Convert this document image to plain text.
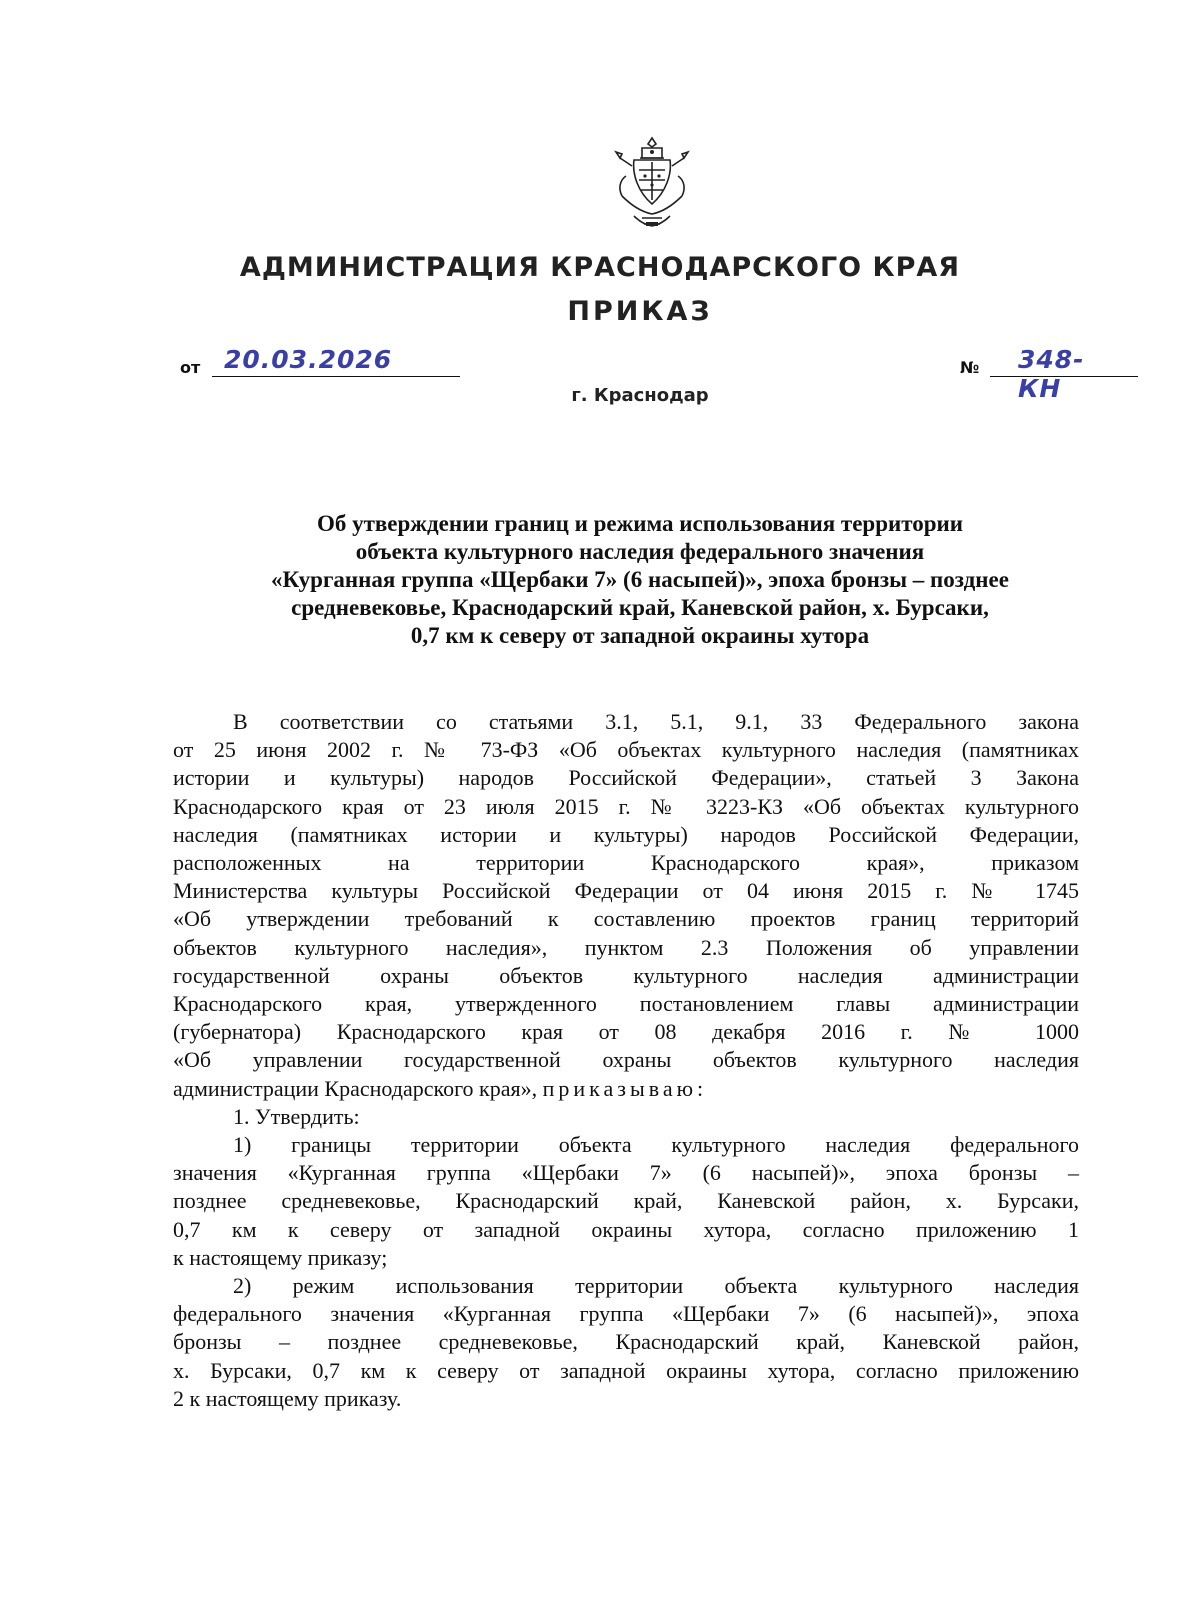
АДМИНИСТРАЦИЯ КРАСНОДАРСКОГО КРАЯ
ПРИКАЗ
от 20.03.2026	№ 348-КН
г. Краснодар
Об утверждении границ и режима использования территории
объекта культурного наследия федерального значения
«Курганная группа «Щербаки 7» (6 насыпей)», эпоха бронзы – позднее
средневековье, Краснодарский край, Каневской район, х. Бурсаки,
0,7 км к северу от западной окраины хутора
В соответствии со статьями 3.1, 5.1, 9.1, 33 Федерального закона
от 25 июня 2002 г. № 73-ФЗ «Об объектах культурного наследия (памятниках
истории и культуры) народов Российской Федерации», статьей 3 Закона
Краснодарского края от 23 июля 2015 г. № 3223-КЗ «Об объектах культурного
наследия (памятниках истории и культуры) народов Российской Федерации,
расположенных на территории Краснодарского края», приказом
Министерства культуры Российской Федерации от 04 июня 2015 г. № 1745
«Об утверждении требований к составлению проектов границ территорий
объектов культурного наследия», пунктом 2.3 Положения об управлении
государственной охраны объектов культурного наследия администрации
Краснодарского края, утвержденного постановлением главы администрации
(губернатора) Краснодарского края от 08 декабря 2016 г. № 1000
«Об управлении государственной охраны объектов культурного наследия
администрации Краснодарского края», приказываю:
1. Утвердить:
1) границы территории объекта культурного наследия федерального
значения «Курганная группа «Щербаки 7» (6 насыпей)», эпоха бронзы –
позднее средневековье, Краснодарский край, Каневской район, х. Бурсаки,
0,7 км к северу от западной окраины хутора, согласно приложению 1
к настоящему приказу;
2) режим использования территории объекта культурного наследия
федерального значения «Курганная группа «Щербаки 7» (6 насыпей)», эпоха
бронзы – позднее средневековье, Краснодарский край, Каневской район,
х. Бурсаки, 0,7 км к северу от западной окраины хутора, согласно приложению
2 к настоящему приказу.
